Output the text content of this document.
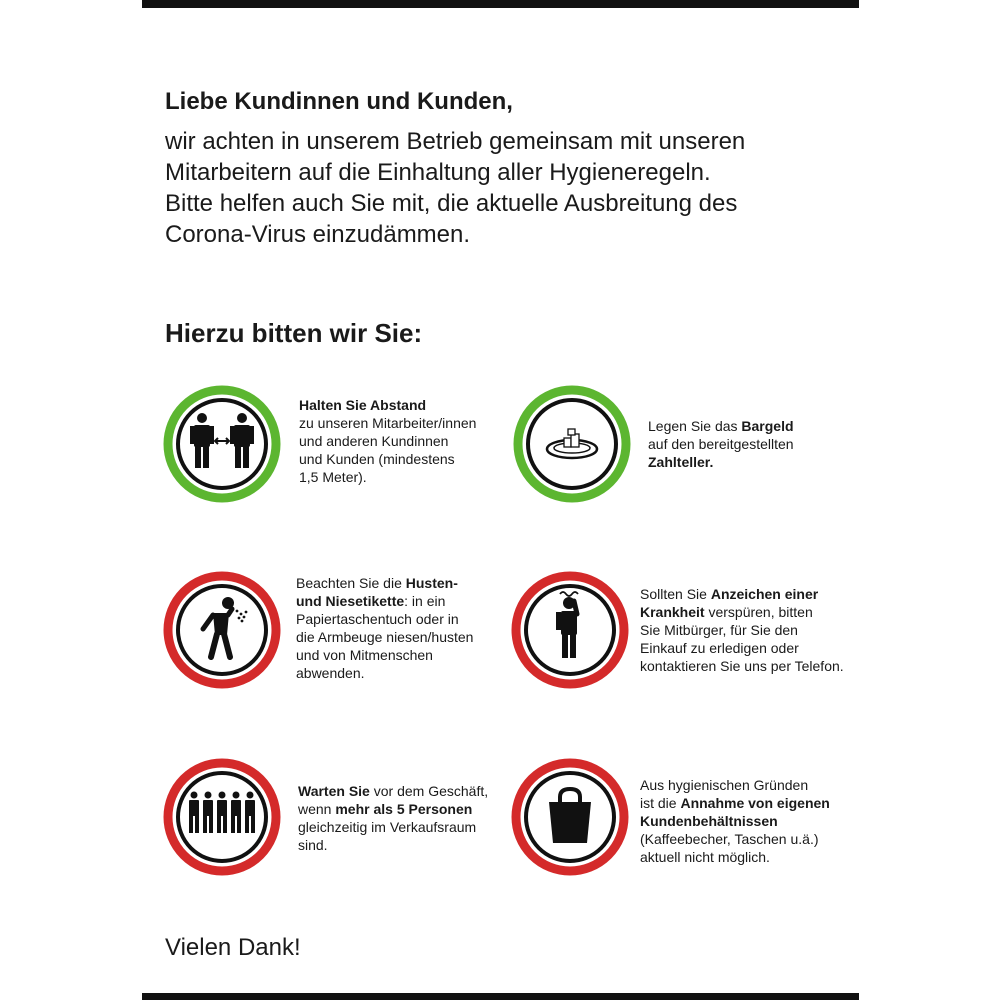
Liebe Kundinnen und Kunden,

wir achten in unserem Betrieb gemeinsam mit unseren
Mitarbeitern auf die Einhaltung aller Hygieneregeln.
Bitte helfen auch Sie mit, die aktuelle Ausbreitung des
Corona-Virus einzudämmen.

Hierzu bitten wir Sie:
Halten Sie Abstand
zu unseren Mitarbeiter/innen
und anderen Kundinnen
und Kunden (mindestens
1,5 Meter).
Legen Sie das Bargeld
auf den bereitgestellten
Zahlteller.
Beachten Sie die Husten-
und Niesetikette: in ein
Papiertaschentuch oder in
die Armbeuge niesen/husten
und von Mitmenschen
abwenden.
Sollten Sie Anzeichen einer
Krankheit verspüren, bitten
Sie Mitbürger, für Sie den
Einkauf zu erledigen oder
kontaktieren Sie uns per Telefon.
Warten Sie vor dem Geschäft,
wenn mehr als 5 Personen
gleichzeitig im Verkaufsraum
sind.
Aus hygienischen Gründen
ist die Annahme von eigenen
Kundenbehältnissen
(Kaffeebecher, Taschen u.ä.)
aktuell nicht möglich.

Vielen Dank!
